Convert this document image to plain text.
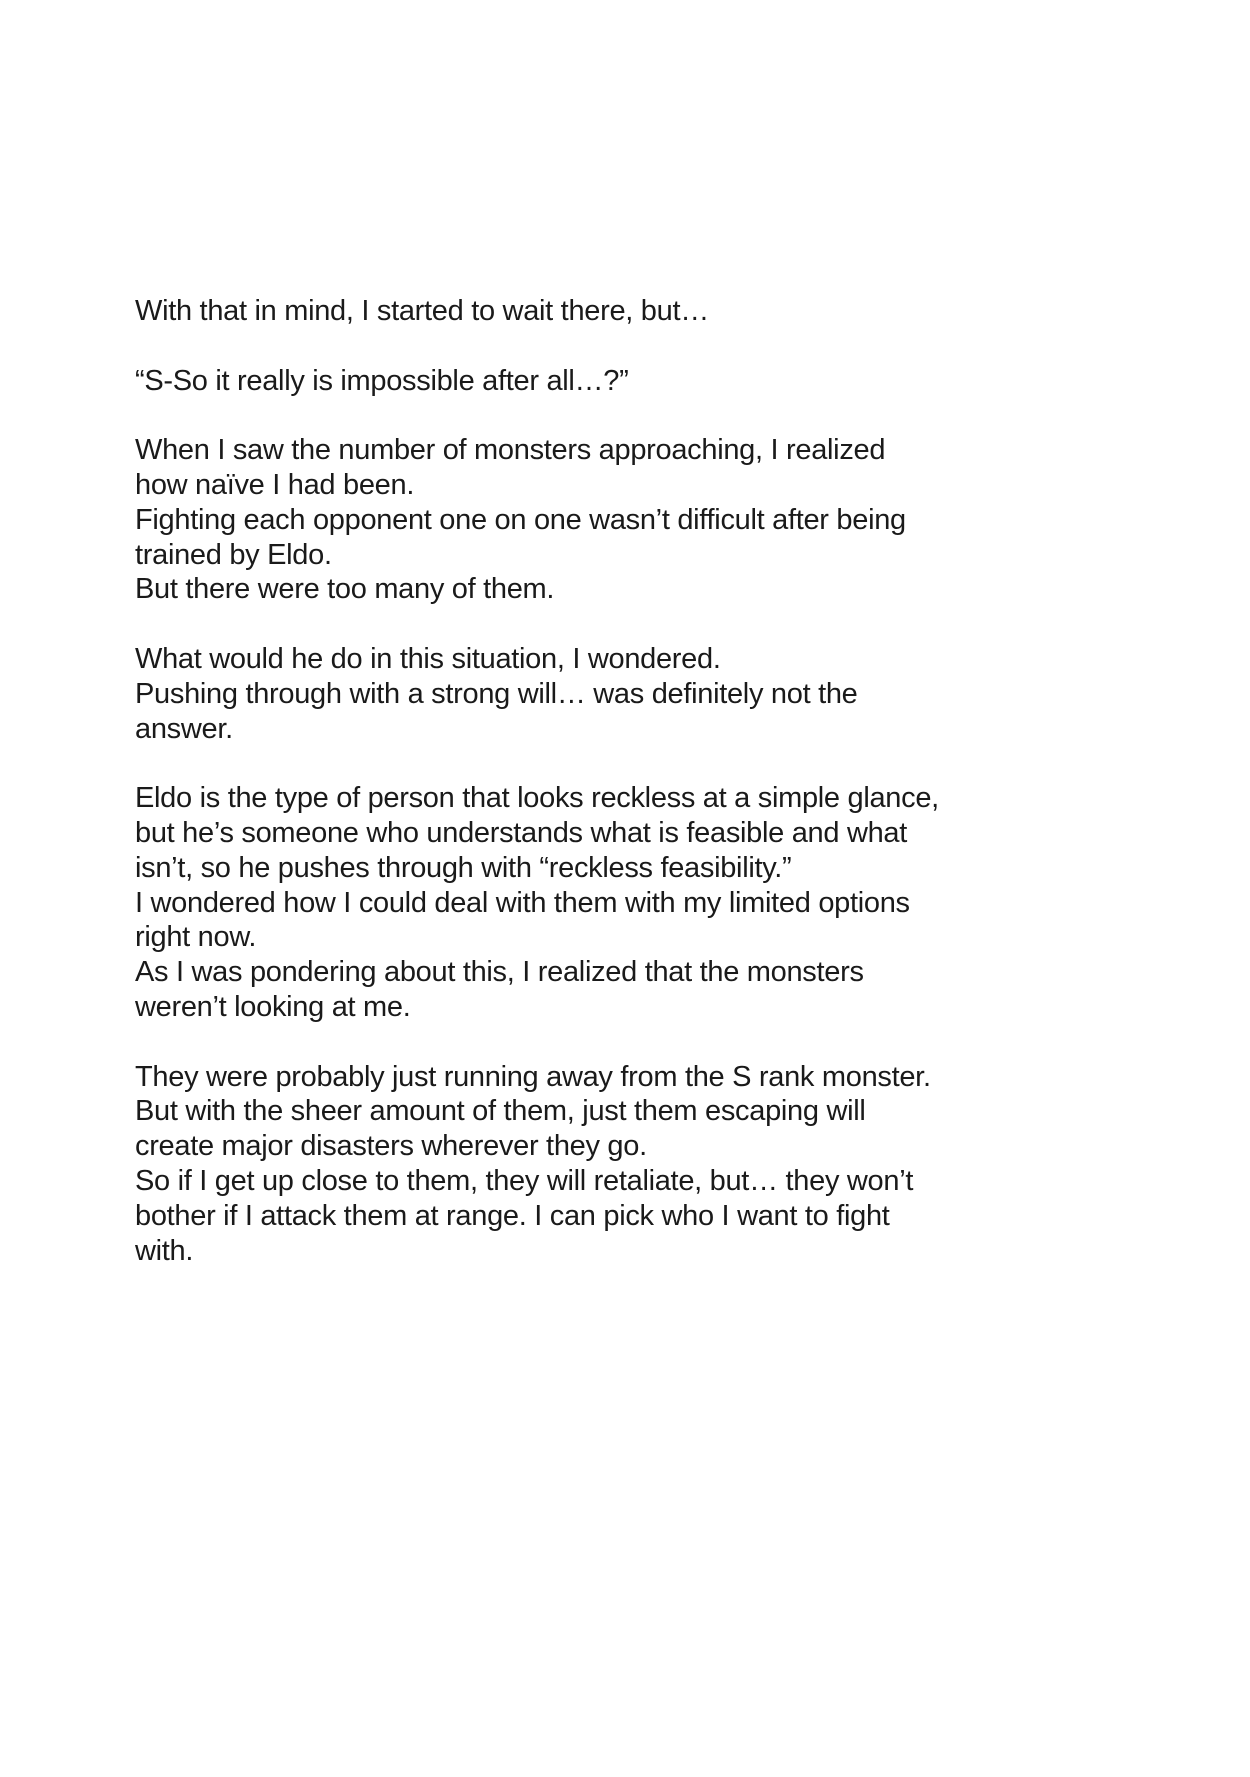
With that in mind, I started to wait there, but…

“S-So it really is impossible after all…?”

When I saw the number of monsters approaching, I realized
how naïve I had been.
Fighting each opponent one on one wasn’t difficult after being
trained by Eldo.
But there were too many of them.

What would he do in this situation, I wondered.
Pushing through with a strong will… was definitely not the
answer.

Eldo is the type of person that looks reckless at a simple glance,
but he’s someone who understands what is feasible and what
isn’t, so he pushes through with “reckless feasibility.”
I wondered how I could deal with them with my limited options
right now.
As I was pondering about this, I realized that the monsters
weren’t looking at me.

They were probably just running away from the S rank monster.
But with the sheer amount of them, just them escaping will
create major disasters wherever they go.
So if I get up close to them, they will retaliate, but… they won’t
bother if I attack them at range. I can pick who I want to fight
with.
